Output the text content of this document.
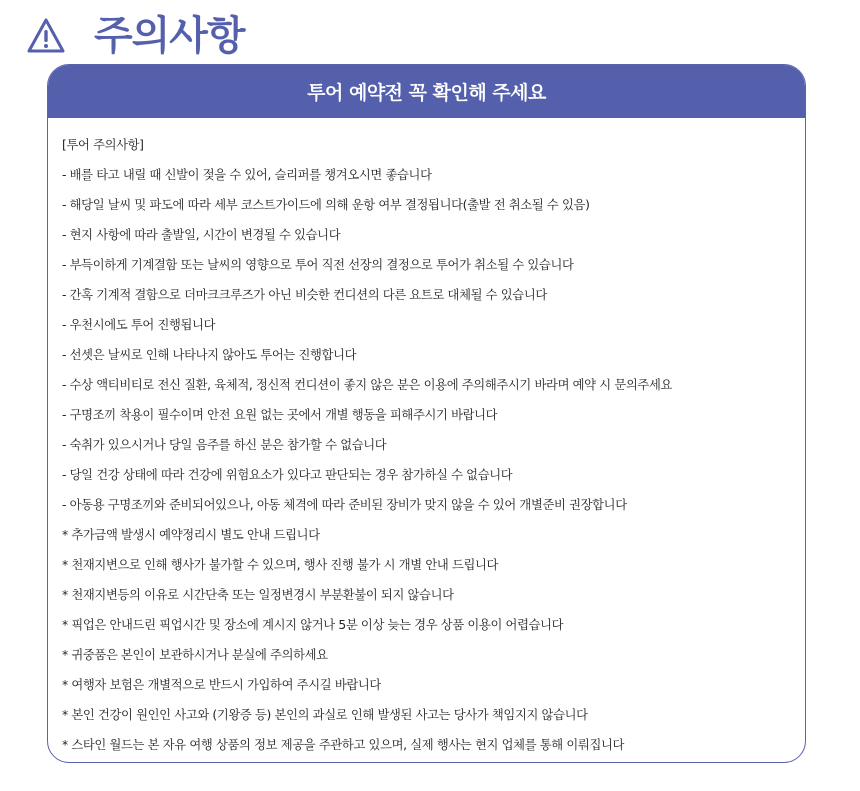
주의사항
투어 예약전 꼭 확인해 주세요
[투어 주의사항]
- 배를 타고 내릴 때 신발이 젖을 수 있어, 슬리퍼를 챙겨오시면 좋습니다
- 해당일 날씨 및 파도에 따라 세부 코스트가이드에 의해 운항 여부 결정됩니다(출발 전 취소될 수 있음)
- 현지 사항에 따라 출발일, 시간이 변경될 수 있습니다
- 부득이하게 기계결함 또는 날씨의 영향으로 투어 직전 선장의 결정으로 투어가 취소될 수 있습니다
- 간혹 기계적 결함으로 더마크크루즈가 아닌 비슷한 컨디션의 다른 요트로 대체될 수 있습니다
- 우천시에도 투어 진행됩니다
- 선셋은 날씨로 인해 나타나지 않아도 투어는 진행합니다
- 수상 액티비티로 전신 질환, 육체적, 정신적 컨디션이 좋지 않은 분은 이용에 주의해주시기 바라며 예약 시 문의주세요
- 구명조끼 착용이 필수이며 안전 요원 없는 곳에서 개별 행동을 피해주시기 바랍니다
- 숙취가 있으시거나 당일 음주를 하신 분은 참가할 수 없습니다
- 당일 건강 상태에 따라 건강에 위험요소가 있다고 판단되는 경우 참가하실 수 없습니다
- 아동용 구명조끼와 준비되어있으나, 아동 체격에 따라 준비된 장비가 맞지 않을 수 있어 개별준비 권장합니다
* 추가금액 발생시 예약정리시 별도 안내 드립니다
* 천재지변으로 인해 행사가 불가할 수 있으며, 행사 진행 불가 시 개별 안내 드립니다
* 천재지변등의 이유로 시간단축 또는 일정변경시 부분환불이 되지 않습니다
* 픽업은 안내드린 픽업시간 및 장소에 계시지 않거나 5분 이상 늦는 경우 상품 이용이 어렵습니다
* 귀중품은 본인이 보관하시거나 분실에 주의하세요
* 여행자 보험은 개별적으로 반드시 가입하여 주시길 바랍니다
* 본인 건강이 원인인 사고와 (기왕증 등) 본인의 과실로 인해 발생된 사고는 당사가 책임지지 않습니다
* 스타인 월드는 본 자유 여행 상품의 정보 제공을 주관하고 있으며, 실제 행사는 현지 업체를 통해 이뤄집니다
